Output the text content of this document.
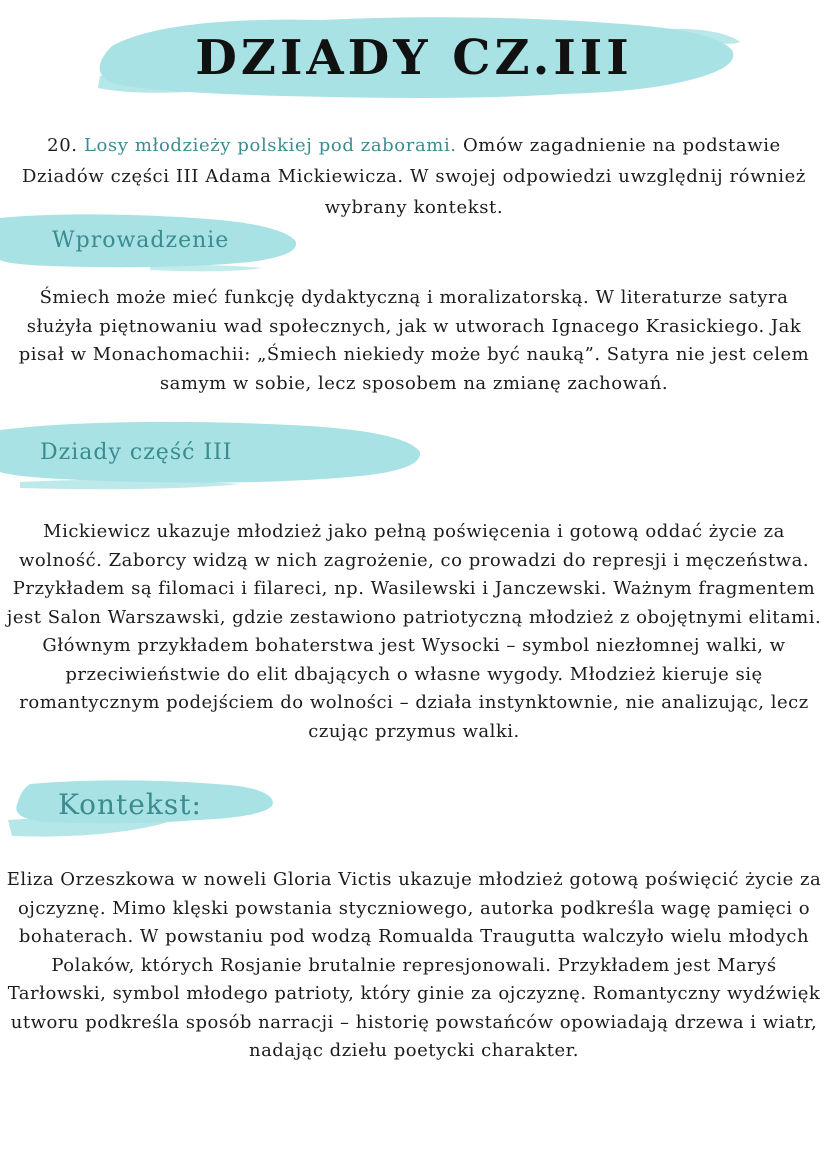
DZIADY CZ.III

20. Losy młodzieży polskiej pod zaborami. Omów zagadnienie na podstawie Dziadów części III Adama Mickiewicza. W swojej odpowiedzi uwzględnij również wybrany kontekst.

Wprowadzenie

Śmiech może mieć funkcję dydaktyczną i moralizatorską. W literaturze satyra służyła piętnowaniu wad społecznych, jak w utworach Ignacego Krasickiego. Jak pisał w Monachomachii: „Śmiech niekiedy może być nauką”. Satyra nie jest celem samym w sobie, lecz sposobem na zmianę zachowań.

Dziady część III

Mickiewicz ukazuje młodzież jako pełną poświęcenia i gotową oddać życie za wolność. Zaborcy widzą w nich zagrożenie, co prowadzi do represji i męczeństwa. Przykładem są filomaci i filareci, np. Wasilewski i Janczewski. Ważnym fragmentem jest Salon Warszawski, gdzie zestawiono patriotyczną młodzież z obojętnymi elitami. Głównym przykładem bohaterstwa jest Wysocki – symbol niezłomnej walki, w przeciwieństwie do elit dbających o własne wygody. Młodzież kieruje się romantycznym podejściem do wolności – działa instynktownie, nie analizując, lecz czując przymus walki.

Kontekst:

Eliza Orzeszkowa w noweli Gloria Victis ukazuje młodzież gotową poświęcić życie za ojczyznę. Mimo klęski powstania styczniowego, autorka podkreśla wagę pamięci o bohaterach. W powstaniu pod wodzą Romualda Traugutta walczyło wielu młodych Polaków, których Rosjanie brutalnie represjonowali. Przykładem jest Maryś Tarłowski, symbol młodego patrioty, który ginie za ojczyznę. Romantyczny wydźwięk utworu podkreśla sposób narracji – historię powstańców opowiadają drzewa i wiatr, nadając dziełu poetycki charakter.
